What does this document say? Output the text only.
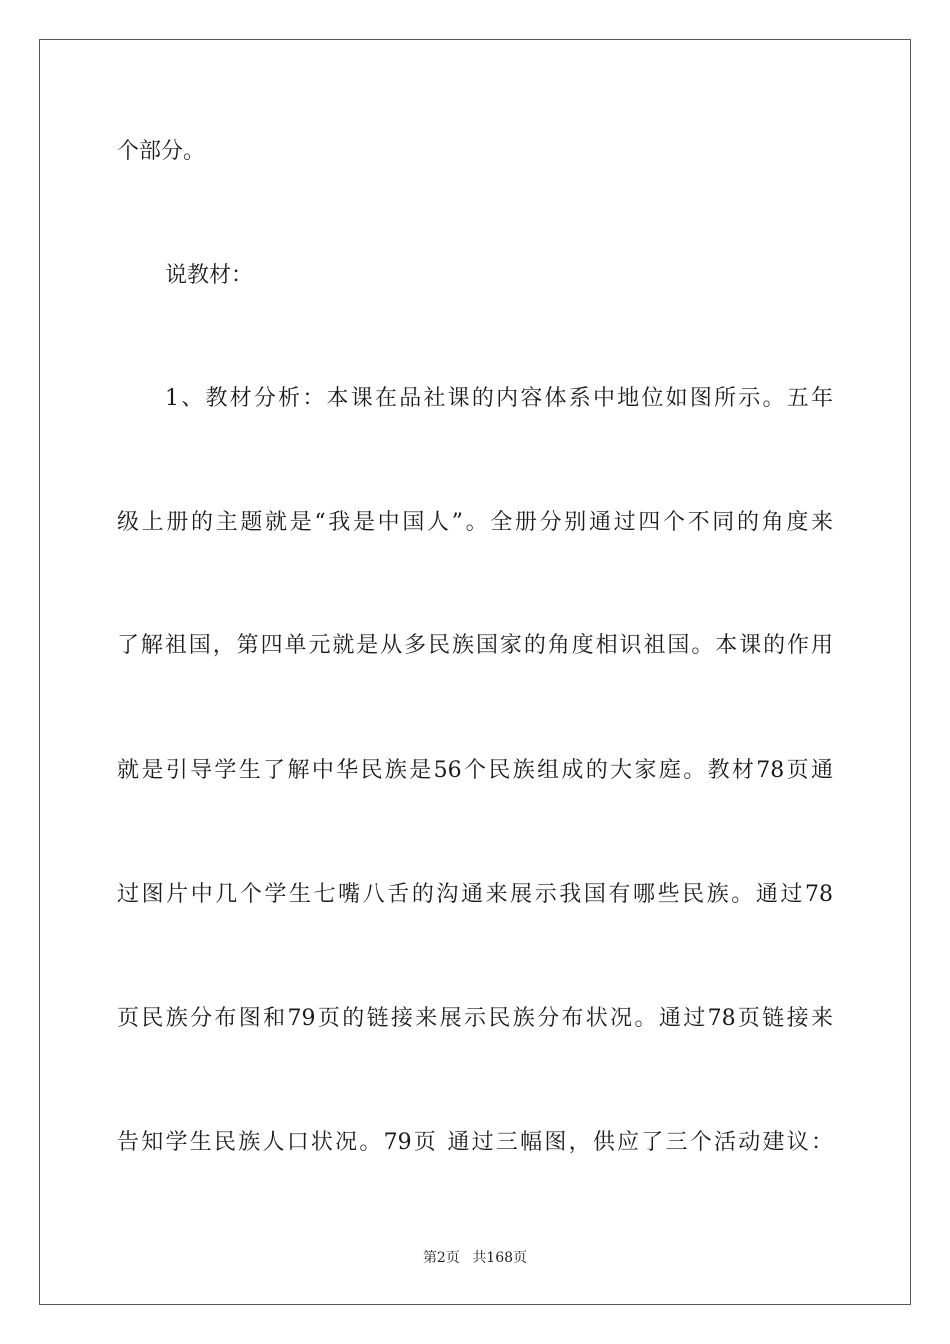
个部分。
说教材：
1、教材分析：本课在品社课的内容体系中地位如图所示。五年
级上册的主题就是“我是中国人”。全册分别通过四个不同的角度来
了解祖国，第四单元就是从多民族国家的角度相识祖国。本课的作用
就是引导学生了解中华民族是56个民族组成的大家庭。教材78页通
过图片中几个学生七嘴八舌的沟通来展示我国有哪些民族。通过78
页民族分布图和79页的链接来展示民族分布状况。通过78页链接来
告知学生民族人口状况。79页 通过三幅图，供应了三个活动建议：
第2页 共168页
